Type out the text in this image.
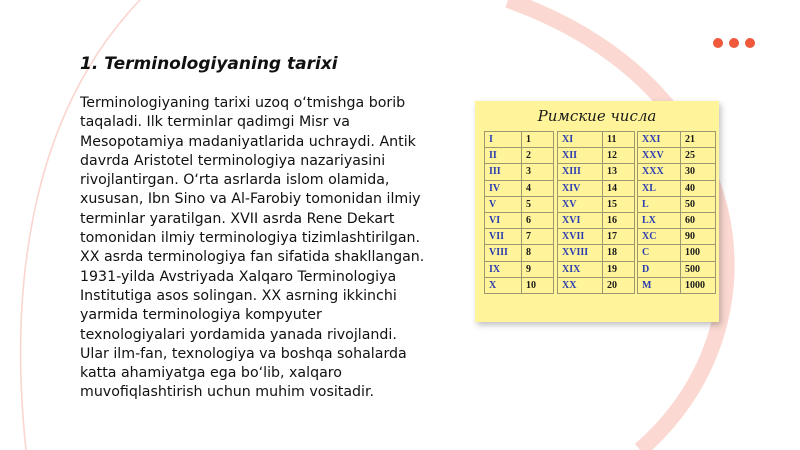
1. Terminologiyaning tarixi

Terminologiyaning tarixi uzoq o‘tmishga borib taqaladi. Ilk terminlar qadimgi Misr va Mesopotamiya madaniyatlarida uchraydi. Antik davrda Aristotel terminologiya nazariyasini rivojlantirgan. O‘rta asrlarda islom olamida, xususan, Ibn Sino va Al-Farobiy tomonidan ilmiy terminlar yaratilgan. XVII asrda Rene Dekart tomonidan ilmiy terminologiya tizimlashtirilgan. XX asrda terminologiya fan sifatida shakllangan. 1931-yilda Avstriyada Xalqaro Terminologiya Institutiga asos solingan. XX asrning ikkinchi yarmida terminologiya kompyuter texnologiyalari yordamida yanada rivojlandi. Ular ilm-fan, texnologiya va boshqa sohalarda katta ahamiyatga ega bo‘lib, xalqaro muvofiqlashtirish uchun muhim vositadir.

Римские числа
I	1
II	2
III	3
IV	4
V	5
VI	6
VII	7
VIII	8
IX	9
X	10
XI	11
XII	12
XIII	13
XIV	14
XV	15
XVI	16
XVII	17
XVIII	18
XIX	19
XX	20
XXI	21
XXV	25
XXX	30
XL	40
L	50
LX	60
XC	90
C	100
D	500
M	1000
